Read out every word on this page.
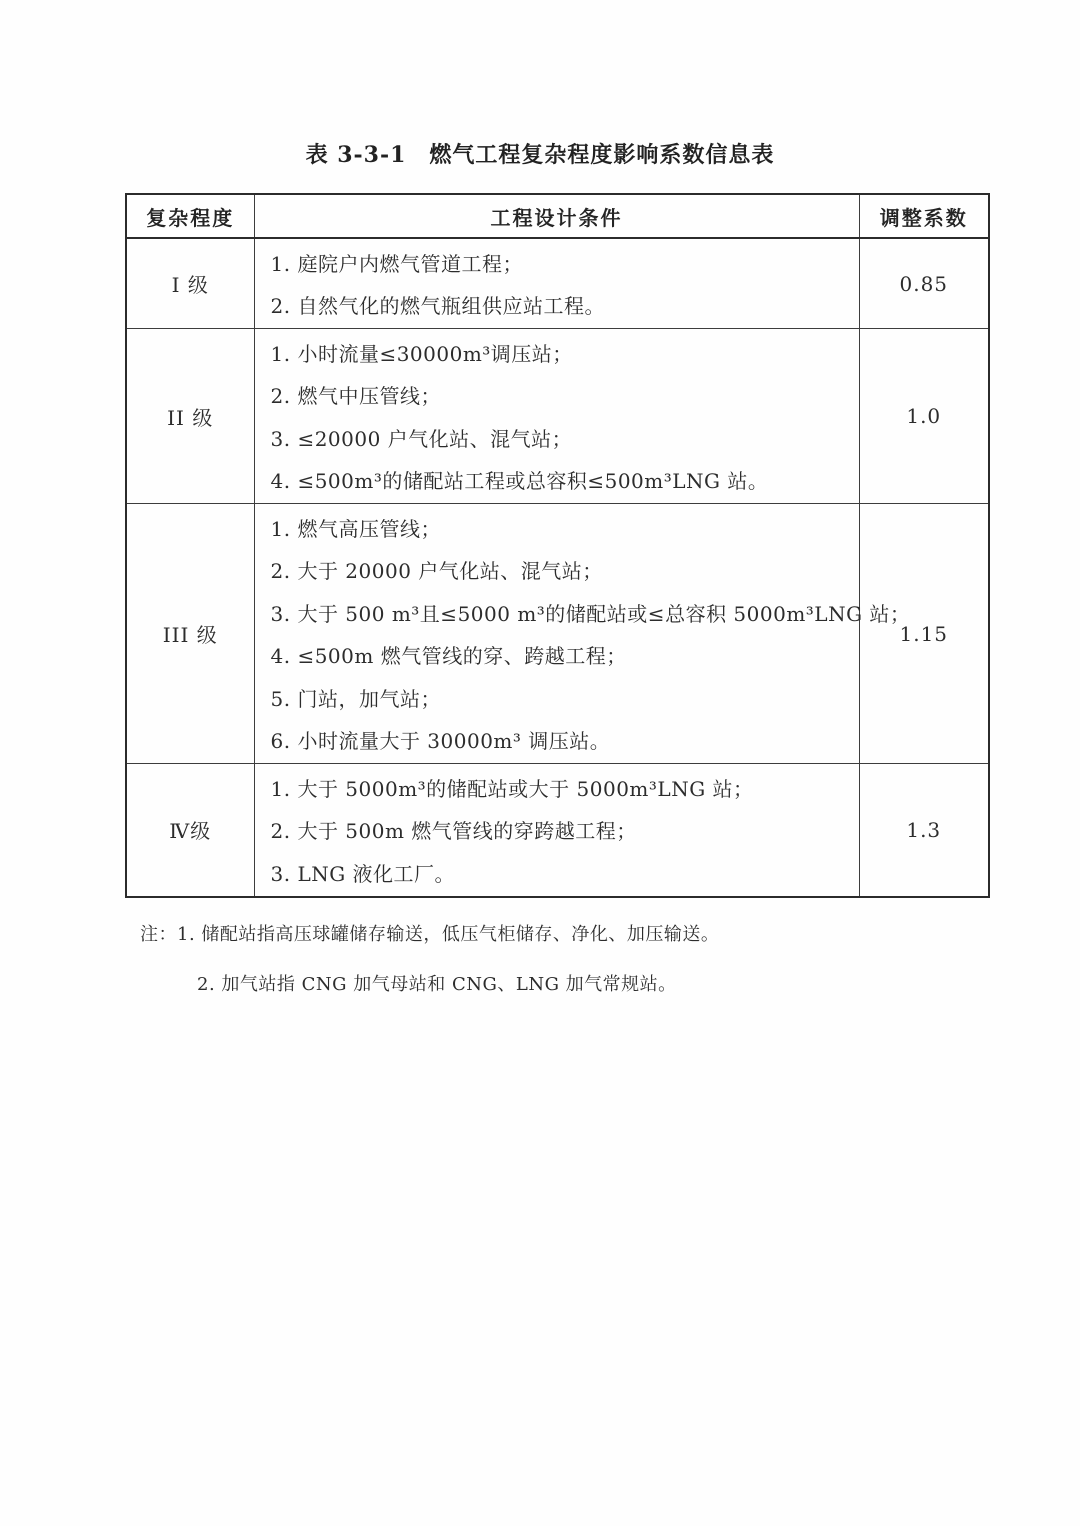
表 3-3-1　燃气工程复杂程度影响系数信息表
复杂程度	工程设计条件	调整系数
I 级	1. 庭院户内燃气管道工程；
2. 自然气化的燃气瓶组供应站工程。	0.85
II 级	1. 小时流量≤30000m³调压站；
2. 燃气中压管线；
3. ≤20000 户气化站、混气站；
4. ≤500m³的储配站工程或总容积≤500m³LNG 站。	1.0
III 级	
1. 燃气高压管线；
2. 大于 20000 户气化站、混气站；
3. 大于 500 m³且≤5000 m³的储配站或≤总容积 5000m³LNG 站；
4. ≤500m 燃气管线的穿、跨越工程；
5. 门站，加气站；
6. 小时流量大于 30000m³ 调压站。
	1.15
Ⅳ级	1. 大于 5000m³的储配站或大于 5000m³LNG 站；
2. 大于 500m 燃气管线的穿跨越工程；
3. LNG 液化工厂。	1.3

注：1. 储配站指高压球罐储存输送，低压气柜储存、净化、加压输送。

2. 加气站指 CNG 加气母站和 CNG、LNG 加气常规站。
